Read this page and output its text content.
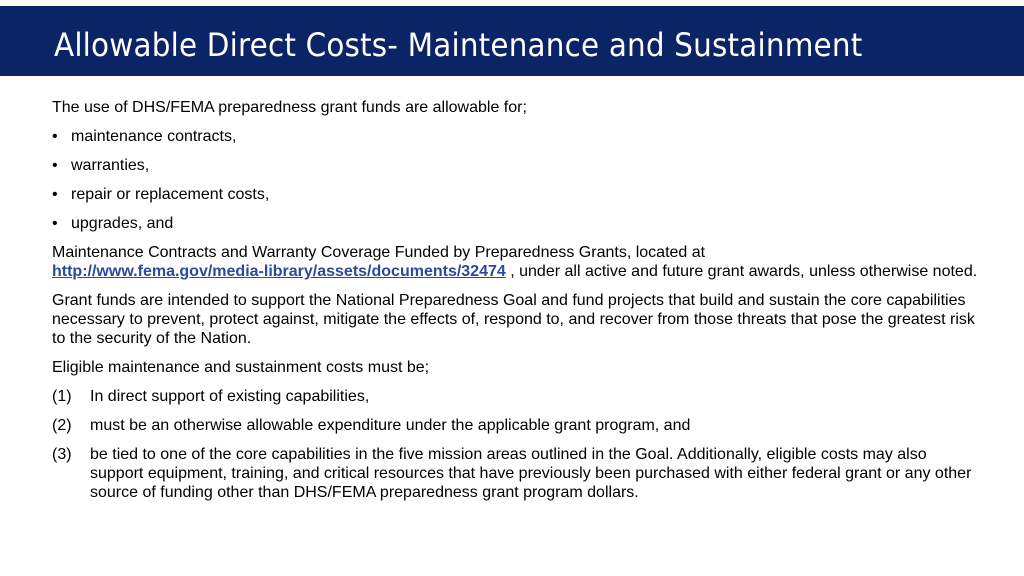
Allowable Direct Costs- Maintenance and Sustainment
The use of DHS/FEMA preparedness grant funds are allowable for;
• maintenance contracts,
• warranties,
• repair or replacement costs,
• upgrades, and
Maintenance Contracts and Warranty Coverage Funded by Preparedness Grants, located at
http://www.fema.gov/media-library/assets/documents/32474 , under all active and future grant awards, unless otherwise noted.
Grant funds are intended to support the National Preparedness Goal and fund projects that build and sustain the core capabilities necessary to prevent, protect against, mitigate the effects of, respond to, and recover from those threats that pose the greatest risk to the security of the Nation.
Eligible maintenance and sustainment costs must be;
(1) In direct support of existing capabilities,
(2) must be an otherwise allowable expenditure under the applicable grant program, and
(3) be tied to one of the core capabilities in the five mission areas outlined in the Goal. Additionally, eligible costs may also support equipment, training, and critical resources that have previously been purchased with either federal grant or any other source of funding other than DHS/FEMA preparedness grant program dollars.
